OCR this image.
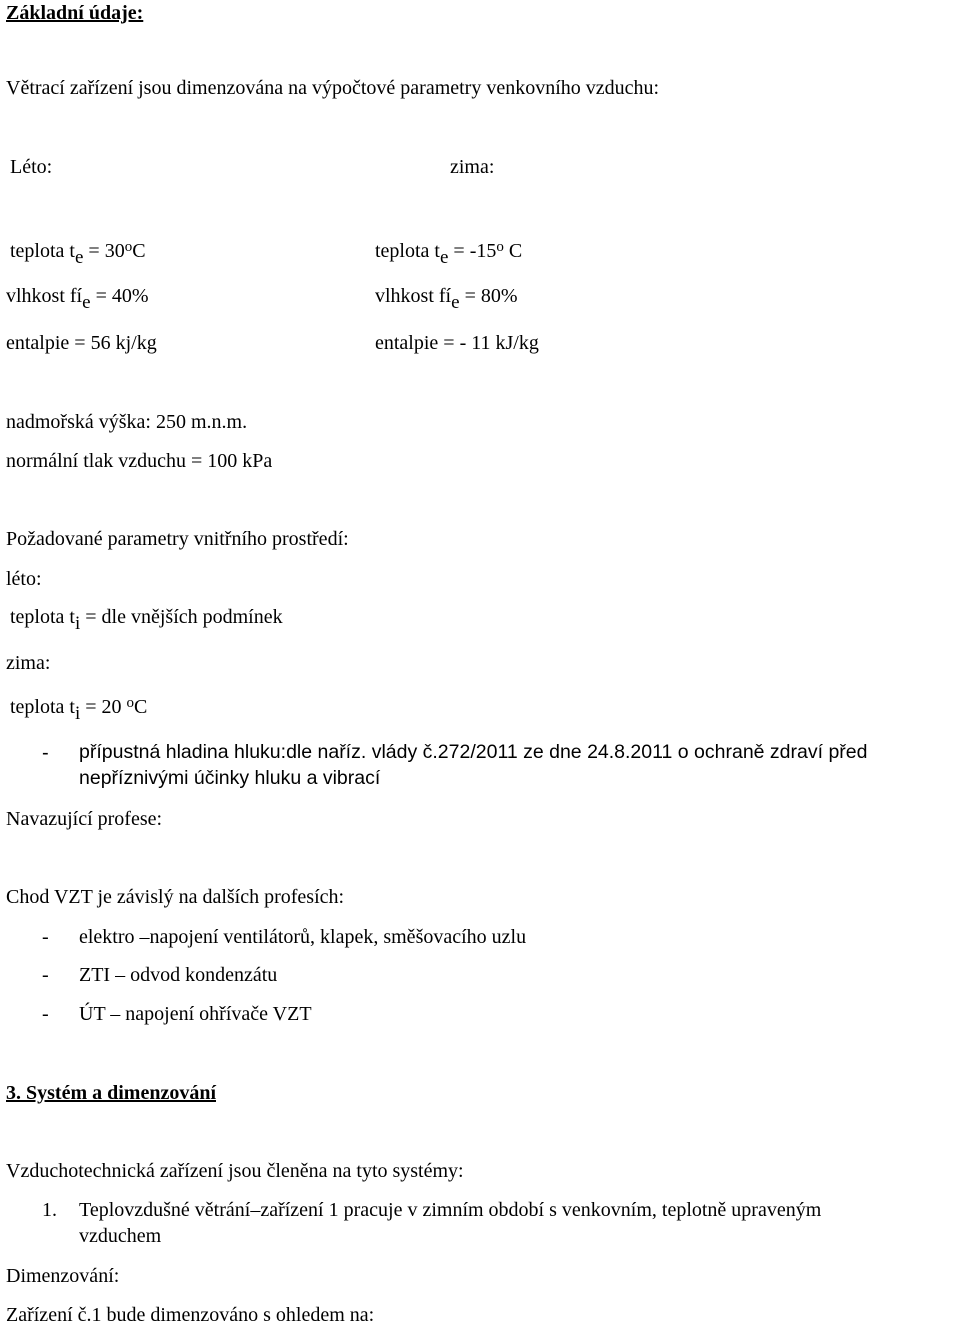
Základní údaje:
Větrací zařízení jsou dimenzována na výpočtové parametry venkovního vzduchu:
Léto:	zima:
teplota te = $30^oC$
vlhkost fíe = 40%
entalpie = 56 kj/kg
teplota te = $-15^o$ C
vlhkost fíe = 80%
entalpie = - 11 kJ/kg
nadmořská výška: 250 m.n.m.
normální tlak vzduchu = 100 kPa
Požadované parametry vnitřního prostředí:
léto:
teplota ti = dle vnějších podmínek
zima:
teplota ti = 20 $^o$C
- přípustná hladina hluku:dle naříz. vlády č.272/2011 ze dne 24.8.2011 o ochraně zdraví před
nepříznivými účinky hluku a vibrací
Navazující profese:
Chod VZT je závislý na dalších profesích:
- elektro –napojení ventilátorů, klapek, směšovacího uzlu
- ZTI – odvod kondenzátu
- ÚT – napojení ohřívače VZT
3. Systém a dimenzování
Vzduchotechnická zařízení jsou členěna na tyto systémy:
1. Teplovzdušné větrání–zařízení 1 pracuje v zimním období s venkovním, teplotně upraveným
vzduchem
Dimenzování:
Zařízení č.1 bude dimenzováno s ohledem na:
